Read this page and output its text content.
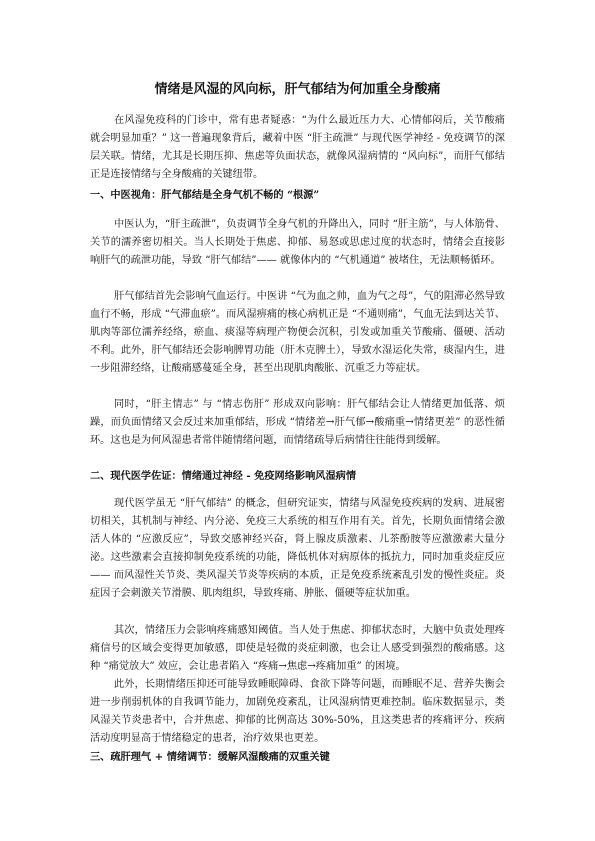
情绪是风湿的风向标，肝气郁结为何加重全身酸痛

在风湿免疫科的门诊中，常有患者疑惑：“为什么最近压力大、心情郁闷后，关节酸痛就会明显加重？” 这一普遍现象背后，藏着中医 “肝主疏泄” 与现代医学神经 - 免疫调节的深层关联。情绪，尤其是长期压抑、焦虑等负面状态，就像风湿病情的 “风向标”，而肝气郁结正是连接情绪与全身酸痛的关键纽带。

一、中医视角：肝气郁结是全身气机不畅的 “根源”

中医认为，“肝主疏泄”，负责调节全身气机的升降出入，同时 “肝主筋”，与人体筋骨、关节的濡养密切相关。当人长期处于焦虑、抑郁、易怒或思虑过度的状态时，情绪会直接影响肝气的疏泄功能，导致 “肝气郁结”—— 就像体内的 “气机通道” 被堵住，无法顺畅循环。

肝气郁结首先会影响气血运行。中医讲 “气为血之帅，血为气之母”，气的阻滞必然导致血行不畅，形成 “气滞血瘀”。而风湿痹痛的核心病机正是 “不通则痛”，气血无法到达关节、肌肉等部位濡养经络，瘀血、痰湿等病理产物便会沉积，引发或加重关节酸痛、僵硬、活动不利。此外，肝气郁结还会影响脾胃功能（肝木克脾土），导致水湿运化失常，痰湿内生，进一步阻滞经络，让酸痛感蔓延全身，甚至出现肌肉酸胀、沉重乏力等症状。

同时，“肝主情志” 与 “情志伤肝” 形成双向影响：肝气郁结会让人情绪更加低落、烦躁，而负面情绪又会反过来加重郁结，形成 “情绪差→肝气郁→酸痛重→情绪更差” 的恶性循环。这也是为何风湿患者常伴随情绪问题，而情绪疏导后病情往往能得到缓解。

二、现代医学佐证：情绪通过神经 - 免疫网络影响风湿病情

现代医学虽无 “肝气郁结” 的概念，但研究证实，情绪与风湿免疫疾病的发病、进展密切相关，其机制与神经、内分泌、免疫三大系统的相互作用有关。首先，长期负面情绪会激活人体的 “应激反应”，导致交感神经兴奋，肾上腺皮质激素、儿茶酚胺等应激激素大量分泌。这些激素会直接抑制免疫系统的功能，降低机体对病原体的抵抗力，同时加重炎症反应 —— 而风湿性关节炎、类风湿关节炎等疾病的本质，正是免疫系统紊乱引发的慢性炎症。炎症因子会刺激关节滑膜、肌肉组织，导致疼痛、肿胀、僵硬等症状加重。

其次，情绪压力会影响疼痛感知阈值。当人处于焦虑、抑郁状态时，大脑中负责处理疼痛信号的区域会变得更加敏感，即使是轻微的炎症刺激，也会让人感受到强烈的酸痛感。这种 “痛觉放大” 效应，会让患者陷入 “疼痛→焦虑→疼痛加重” 的困境。

此外，长期情绪压抑还可能导致睡眠障碍、食欲下降等问题，而睡眠不足、营养失衡会进一步削弱机体的自我调节能力，加剧免疫紊乱，让风湿病情更难控制。临床数据显示，类风湿关节炎患者中，合并焦虑、抑郁的比例高达 30%-50%，且这类患者的疼痛评分、疾病活动度明显高于情绪稳定的患者，治疗效果也更差。

三、疏肝理气 + 情绪调节：缓解风湿酸痛的双重关键
